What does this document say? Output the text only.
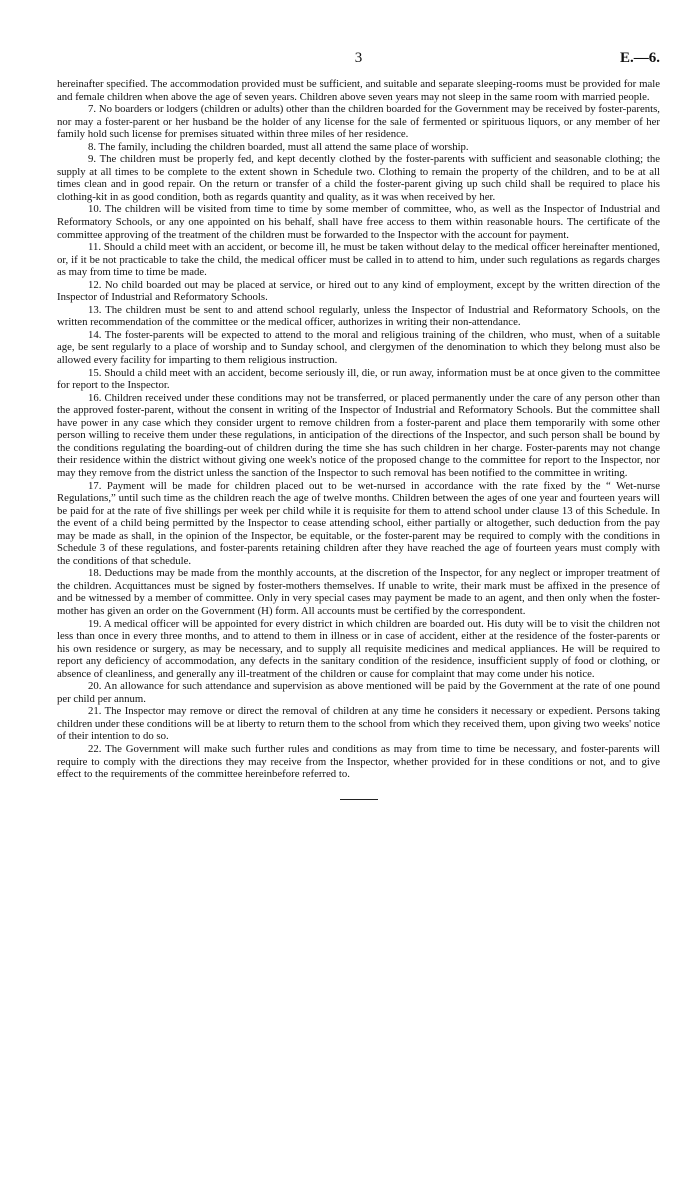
3	E.—6.

hereinafter specified. The accommodation provided must be sufficient, and suitable and separate sleeping-rooms must be provided for male and female children when above the age of seven years. Children above seven years may not sleep in the same room with married people.

7. No boarders or lodgers (children or adults) other than the children boarded for the Government may be received by foster-parents, nor may a foster-parent or her husband be the holder of any license for the sale of fermented or spirituous liquors, or any member of her family hold such license for premises situated within three miles of her residence.

8. The family, including the children boarded, must all attend the same place of worship.

9. The children must be properly fed, and kept decently clothed by the foster-parents with sufficient and seasonable clothing; the supply at all times to be complete to the extent shown in Schedule two. Clothing to remain the property of the children, and to be at all times clean and in good repair. On the return or transfer of a child the foster-parent giving up such child shall be required to place his clothing-kit in as good condition, both as regards quantity and quality, as it was when received by her.

10. The children will be visited from time to time by some member of committee, who, as well as the Inspector of Industrial and Reformatory Schools, or any one appointed on his behalf, shall have free access to them within reasonable hours. The certificate of the committee approving of the treatment of the children must be forwarded to the Inspector with the account for payment.

11. Should a child meet with an accident, or become ill, he must be taken without delay to the medical officer hereinafter mentioned, or, if it be not practicable to take the child, the medical officer must be called in to attend to him, under such regulations as regards charges as may from time to time be made.

12. No child boarded out may be placed at service, or hired out to any kind of employment, except by the written direction of the Inspector of Industrial and Reformatory Schools.

13. The children must be sent to and attend school regularly, unless the Inspector of Industrial and Reformatory Schools, on the written recommendation of the committee or the medical officer, authorizes in writing their non-attendance.

14. The foster-parents will be expected to attend to the moral and religious training of the children, who must, when of a suitable age, be sent regularly to a place of worship and to Sunday school, and clergymen of the denomination to which they belong must also be allowed every facility for imparting to them religious instruction.

15. Should a child meet with an accident, become seriously ill, die, or run away, information must be at once given to the committee for report to the Inspector.

16. Children received under these conditions may not be transferred, or placed permanently under the care of any person other than the approved foster-parent, without the consent in writing of the Inspector of Industrial and Reformatory Schools. But the committee shall have power in any case which they consider urgent to remove children from a foster-parent and place them temporarily with some other person willing to receive them under these regulations, in anticipation of the directions of the Inspector, and such person shall be bound by the conditions regulating the boarding-out of children during the time she has such children in her charge. Foster-parents may not change their residence within the district without giving one week's notice of the proposed change to the committee for report to the Inspector, nor may they remove from the district unless the sanction of the Inspector to such removal has been notified to the committee in writing.

17. Payment will be made for children placed out to be wet-nursed in accordance with the rate fixed by the “ Wet-nurse Regulations,” until such time as the children reach the age of twelve months. Children between the ages of one year and fourteen years will be paid for at the rate of five shillings per week per child while it is requisite for them to attend school under clause 13 of this Schedule. In the event of a child being permitted by the Inspector to cease attending school, either partially or altogether, such deduction from the pay may be made as shall, in the opinion of the Inspector, be equitable, or the foster-parent may be required to comply with the conditions in Schedule 3 of these regulations, and foster-parents retaining children after they have reached the age of fourteen years must comply with the conditions of that schedule.

18. Deductions may be made from the monthly accounts, at the discretion of the Inspector, for any neglect or improper treatment of the children. Acquittances must be signed by foster-mothers themselves. If unable to write, their mark must be affixed in the presence of and be witnessed by a member of committee. Only in very special cases may payment be made to an agent, and then only when the foster-mother has given an order on the Government (H) form. All accounts must be certified by the correspondent.

19. A medical officer will be appointed for every district in which children are boarded out. His duty will be to visit the children not less than once in every three months, and to attend to them in illness or in case of accident, either at the residence of the foster-parents or his own residence or surgery, as may be necessary, and to supply all requisite medicines and medical appliances. He will be required to report any deficiency of accommodation, any defects in the sanitary condition of the residence, insufficient supply of food or clothing, or absence of cleanliness, and generally any ill-treatment of the children or cause for complaint that may come under his notice.

20. An allowance for such attendance and supervision as above mentioned will be paid by the Government at the rate of one pound per child per annum.

21. The Inspector may remove or direct the removal of children at any time he considers it necessary or expedient. Persons taking children under these conditions will be at liberty to return them to the school from which they received them, upon giving two weeks' notice of their intention to do so.

22. The Government will make such further rules and conditions as may from time to time be necessary, and foster-parents will require to comply with the directions they may receive from the Inspector, whether provided for in these conditions or not, and to give effect to the requirements of the committee hereinbefore referred to.
